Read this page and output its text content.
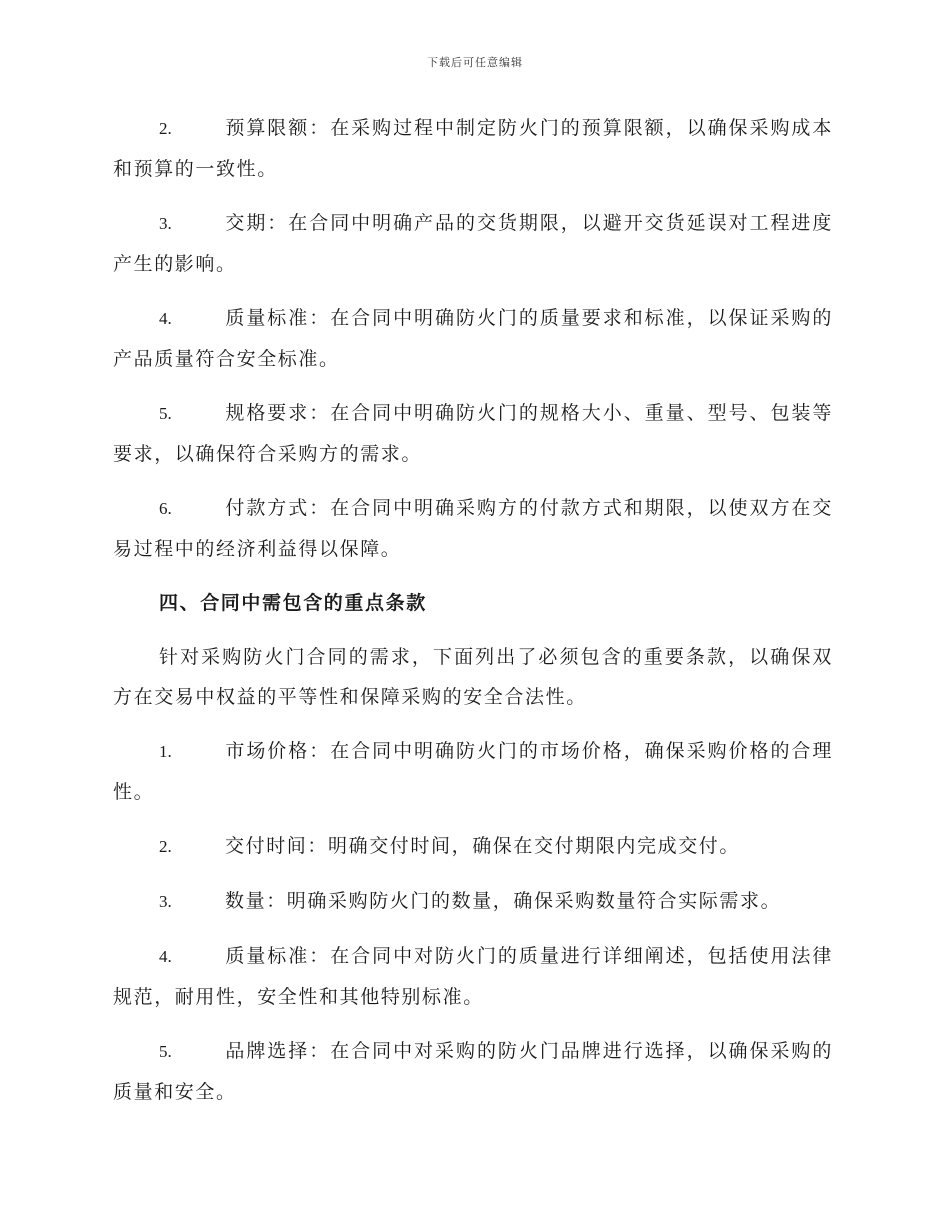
下载后可任意编辑

2.	预算限额：在采购过程中制定防火门的预算限额，以确保采购成本和预算的一致性。

3.	交期：在合同中明确产品的交货期限，以避开交货延误对工程进度产生的影响。

4.	质量标准：在合同中明确防火门的质量要求和标准，以保证采购的产品质量符合安全标准。

5.	规格要求：在合同中明确防火门的规格大小、重量、型号、包装等要求，以确保符合采购方的需求。

6.	付款方式：在合同中明确采购方的付款方式和期限，以使双方在交易过程中的经济利益得以保障。

四、合同中需包含的重点条款

针对采购防火门合同的需求，下面列出了必须包含的重要条款，以确保双方在交易中权益的平等性和保障采购的安全合法性。

1.	市场价格：在合同中明确防火门的市场价格，确保采购价格的合理性。

2.	交付时间：明确交付时间，确保在交付期限内完成交付。

3.	数量：明确采购防火门的数量，确保采购数量符合实际需求。

4.	质量标准：在合同中对防火门的质量进行详细阐述，包括使用法律规范，耐用性，安全性和其他特别标准。

5.	品牌选择：在合同中对采购的防火门品牌进行选择，以确保采购的质量和安全。
